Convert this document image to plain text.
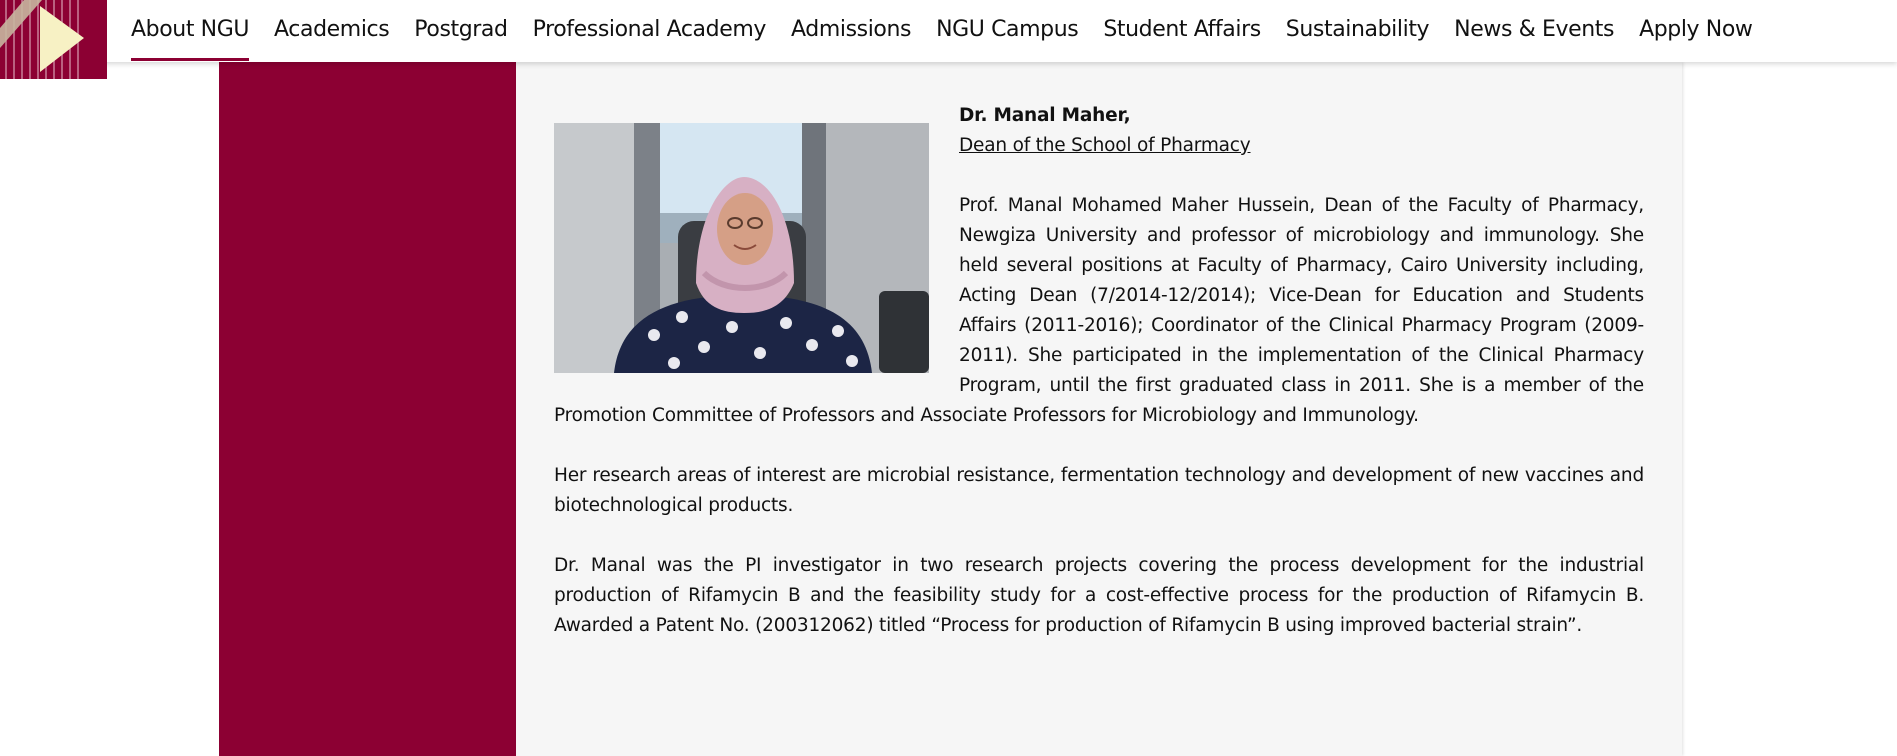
About NGU Academics Postgrad Professional Academy Admissions NGU Campus Student Affairs Sustainability News & Events Apply Now

Dr. Manal Maher,

Dean of the School of Pharmacy

Prof. Manal Mohamed Maher Hussein, Dean of the Faculty of Pharmacy, Newgiza University and professor of microbiology and immunology. She held several positions at Faculty of Pharmacy, Cairo University including, Acting Dean (7/2014-12/2014); Vice-Dean for Education and Students Affairs (2011-2016); Coordinator of the Clinical Pharmacy Program (2009-2011). She participated in the implementation of the Clinical Pharmacy Program, until the first graduated class in 2011. She is a member of the Promotion Committee of Professors and Associate Professors for Microbiology and Immunology.

Her research areas of interest are microbial resistance, fermentation technology and development of new vaccines and biotechnological products.

Dr. Manal was the PI investigator in two research projects covering the process development for the industrial production of Rifamycin B and the feasibility study for a cost-effective process for the production of Rifamycin B. Awarded a Patent No. (200312062) titled “Process for production of Rifamycin B using improved bacterial strain”.
